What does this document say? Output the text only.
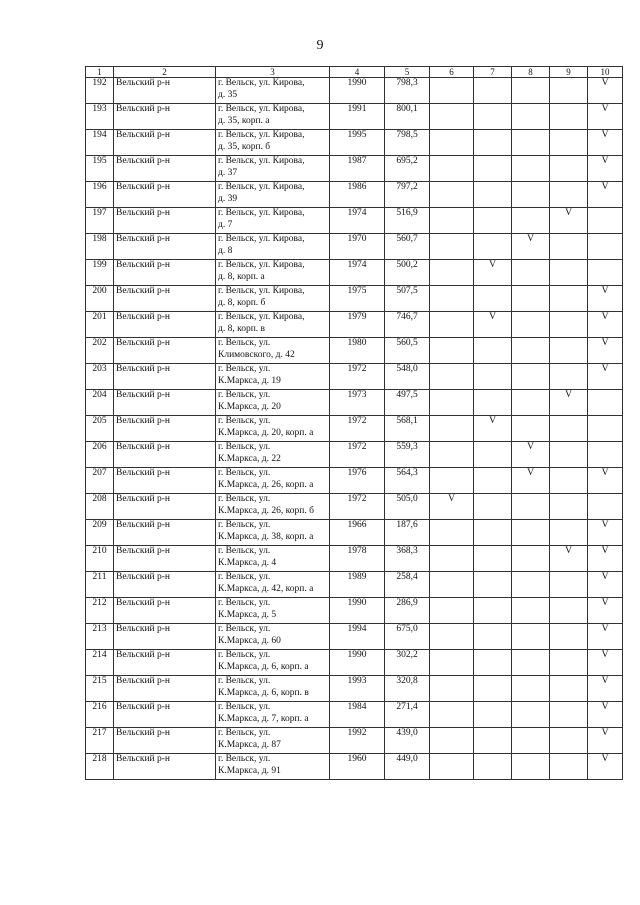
9
1	2	3	4	5	6	7	8	9	10
192	Вельский р-н	г. Вельск, ул. Кирова,
д. 35	1990	798,3					V
193	Вельский р-н	г. Вельск, ул. Кирова,
д. 35, корп. а	1991	800,1					V
194	Вельский р-н	г. Вельск, ул. Кирова,
д. 35, корп. б	1995	798,5					V
195	Вельский р-н	г. Вельск, ул. Кирова,
д. 37	1987	695,2					V
196	Вельский р-н	г. Вельск, ул. Кирова,
д. 39	1986	797,2					V
197	Вельский р-н	г. Вельск, ул. Кирова,
д. 7	1974	516,9				V	
198	Вельский р-н	г. Вельск, ул. Кирова,
д. 8	1970	560,7			V		
199	Вельский р-н	г. Вельск, ул. Кирова,
д. 8, корп. а	1974	500,2		V			
200	Вельский р-н	г. Вельск, ул. Кирова,
д. 8, корп. б	1975	507,5					V
201	Вельский р-н	г. Вельск, ул. Кирова,
д. 8, корп. в	1979	746,7		V			V
202	Вельский р-н	г. Вельск, ул.
Климовского, д. 42	1980	560,5					V
203	Вельский р-н	г. Вельск, ул.
К.Маркса, д. 19	1972	548,0					V
204	Вельский р-н	г. Вельск, ул.
К.Маркса, д. 20	1973	497,5				V	
205	Вельский р-н	г. Вельск, ул.
К.Маркса, д. 20, корп. а	1972	568,1		V			
206	Вельский р-н	г. Вельск, ул.
К.Маркса, д. 22	1972	559,3			V		
207	Вельский р-н	г. Вельск, ул.
К.Маркса, д. 26, корп. а	1976	564,3			V		V
208	Вельский р-н	г. Вельск, ул.
К.Маркса, д. 26, корп. б	1972	505,0	V				
209	Вельский р-н	г. Вельск, ул.
К.Маркса, д. 38, корп. а	1966	187,6					V
210	Вельский р-н	г. Вельск, ул.
К.Маркса, д. 4	1978	368,3				V	V
211	Вельский р-н	г. Вельск, ул.
К.Маркса, д. 42, корп. а	1989	258,4					V
212	Вельский р-н	г. Вельск, ул.
К.Маркса, д. 5	1990	286,9					V
213	Вельский р-н	г. Вельск, ул.
К.Маркса, д. 60	1994	675,0					V
214	Вельский р-н	г. Вельск, ул.
К.Маркса, д. 6, корп. а	1990	302,2					V
215	Вельский р-н	г. Вельск, ул.
К.Маркса, д. 6, корп. в	1993	320,8					V
216	Вельский р-н	г. Вельск, ул.
К.Маркса, д. 7, корп. а	1984	271,4					V
217	Вельский р-н	г. Вельск, ул.
К.Маркса, д. 87	1992	439,0					V
218	Вельский р-н	г. Вельск, ул.
К.Маркса, д. 91	1960	449,0					V
